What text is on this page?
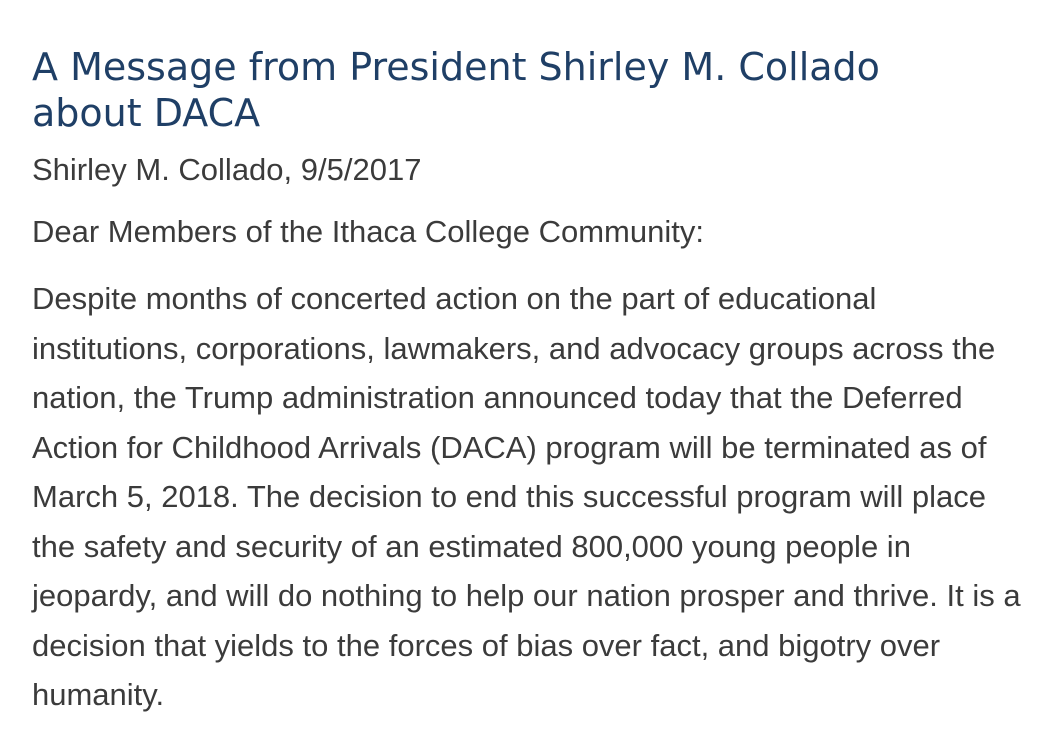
A Message from President Shirley M. Collado about DACA

Shirley M. Collado, 9/5/2017

Dear Members of the Ithaca College Community:

Despite months of concerted action on the part of educational institutions, corporations, lawmakers, and advocacy groups across the nation, the Trump administration announced today that the Deferred Action for Childhood Arrivals (DACA) program will be terminated as of March 5, 2018. The decision to end this successful program will place the safety and security of an estimated 800,000 young people in jeopardy, and will do nothing to help our nation prosper and thrive. It is a decision that yields to the forces of bias over fact, and bigotry over humanity.
